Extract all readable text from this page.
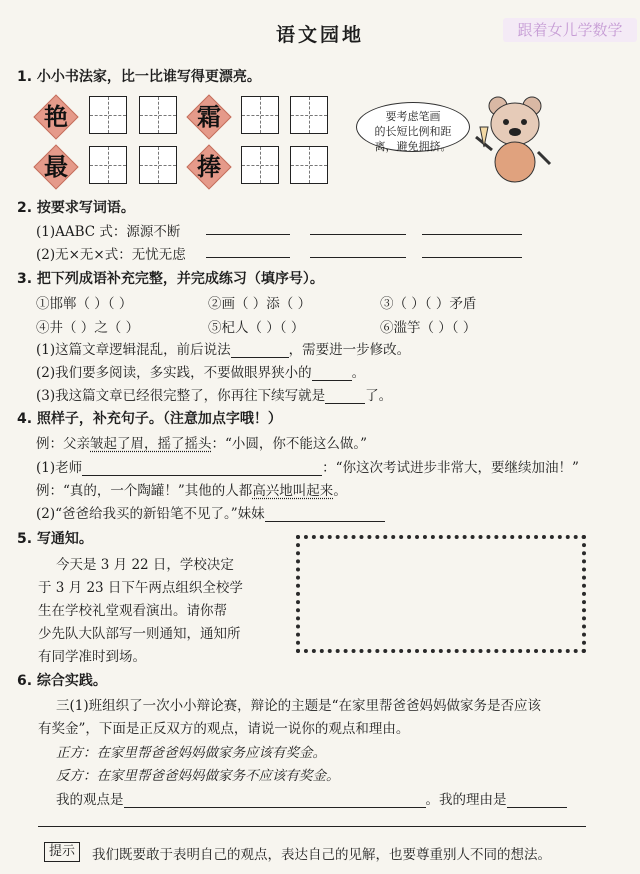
跟着女儿学数学
语文园地
1. 小小书法家，比一比谁写得更漂亮。
艳	霜
最	捧
要考虑笔画
的长短比例和距
离，避免拥挤。
2. 按要求写词语。
(1)AABC 式：源源不断
(2)无×无×式：无忧无虑
3. 把下列成语补充完整，并完成练习（填序号）。
①邯郸（ ）（ ）	②画（ ）添（ ）	③（ ）（ ）矛盾
④井（ ）之（ ）	⑤杞人（ ）（ ）	⑥滥竽（ ）（ ）
(1)这篇文章逻辑混乱，前后说法	，需要进一步修改。
(2)我们要多阅读，多实践，不要做眼界狭小的	。
(3)我这篇文章已经很完整了，你再往下续写就是	了。
4. 照样子，补充句子。（注意加点字哦！）
例：父亲皱起了眉，摇了摇头：“小圆，你不能这么做。”
(1)老师	：“你这次考试进步非常大，要继续加油！”
例：“真的，一个陶罐！”其他的人都高兴地叫起来。
(2)“爸爸给我买的新铅笔不见了。”妹妹
5. 写通知。
今天是 3 月 22 日，学校决定
于 3 月 23 日下午两点组织全校学
生在学校礼堂观看演出。请你帮
少先队大队部写一则通知，通知所
有同学准时到场。
6. 综合实践。
三(1)班组织了一次小小辩论赛，辩论的主题是“在家里帮爸爸妈妈做家务是否应该
有奖金”，下面是正反双方的观点，请说一说你的观点和理由。
正方：在家里帮爸爸妈妈做家务应该有奖金。
反方：在家里帮爸爸妈妈做家务不应该有奖金。
我的观点是	。我的理由是
提示	我们既要敢于表明自己的观点，表达自己的见解，也要尊重别人不同的想法。
